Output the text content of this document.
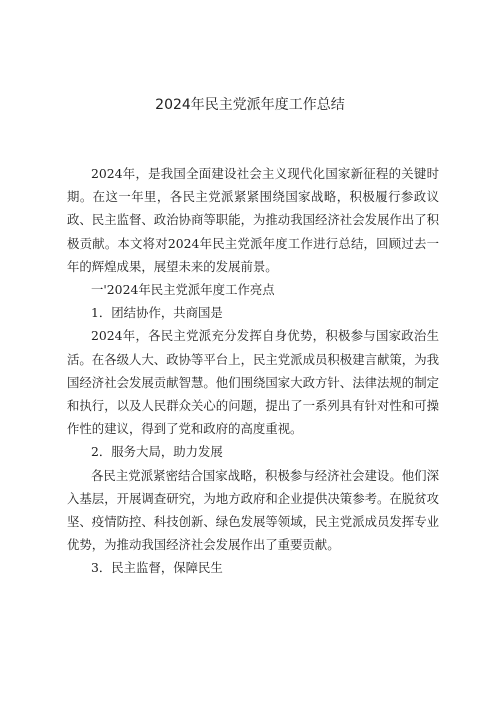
2024年民主党派年度工作总结

2024年，是我国全面建设社会主义现代化国家新征程的关键时期。在这一年里，各民主党派紧紧围绕国家战略，积极履行参政议政、民主监督、政治协商等职能，为推动我国经济社会发展作出了积极贡献。本文将对2024年民主党派年度工作进行总结，回顾过去一年的辉煌成果，展望未来的发展前景。

一'2024年民主党派年度工作亮点

1．团结协作，共商国是

2024年，各民主党派充分发挥自身优势，积极参与国家政治生活。在各级人大、政协等平台上，民主党派成员积极建言献策，为我国经济社会发展贡献智慧。他们围绕国家大政方针、法律法规的制定和执行，以及人民群众关心的问题，提出了一系列具有针对性和可操作性的建议，得到了党和政府的高度重视。

2．服务大局，助力发展

各民主党派紧密结合国家战略，积极参与经济社会建设。他们深入基层，开展调查研究，为地方政府和企业提供决策参考。在脱贫攻坚、疫情防控、科技创新、绿色发展等领域，民主党派成员发挥专业优势，为推动我国经济社会发展作出了重要贡献。

3．民主监督，保障民生
